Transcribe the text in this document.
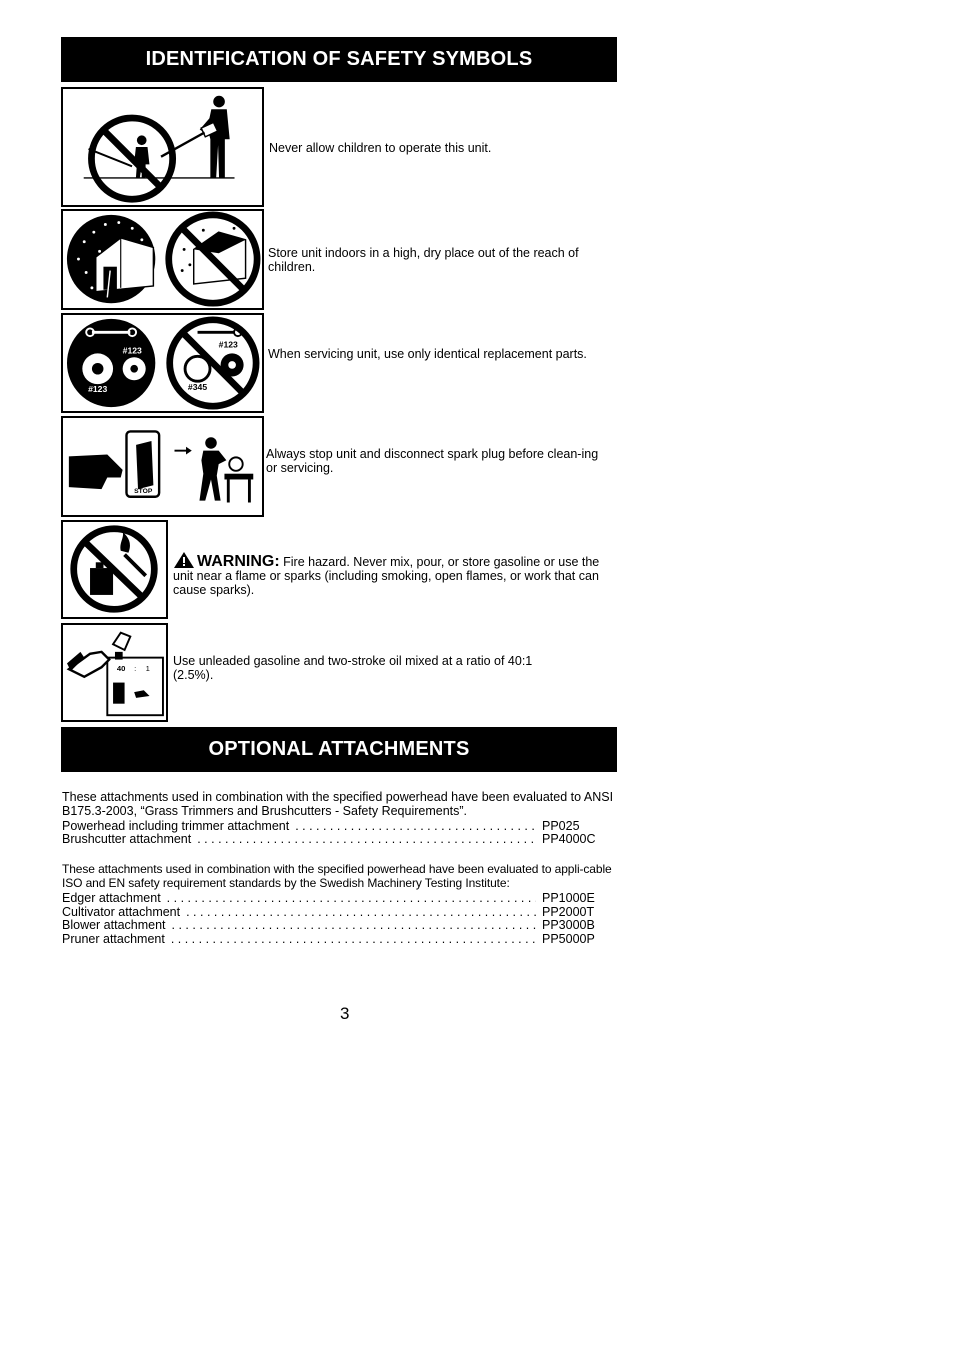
IDENTIFICATION OF SAFETY SYMBOLS
Never allow children to operate this unit.
Store unit indoors in a high, dry place out of the reach of children.
#123
#123
#123
#345
When servicing unit, use only identical replacement parts.
STOP
Always stop unit and disconnect spark plug before clean-ing or servicing.
WARNING: Fire hazard. Never mix, pour, or store gasoline or use the unit near a flame or sparks (including smoking, open flames, or work that can cause sparks).
40 : 1
Use unleaded gasoline and two-stroke oil mixed at a ratio of 40:1 (2.5%).
OPTIONAL ATTACHMENTS
These attachments used in combination with the specified powerhead have been evaluated to ANSI B175.3-2003, “Grass Trimmers and Brushcutters - Safety Requirements”.
Powerhead including trimmer attachment . . .	PP025
Brushcutter attachment . . .	PP4000C
These attachments used in combination with the specified powerhead have been evaluated to appli-cable ISO and EN safety requirement standards by the Swedish Machinery Testing Institute:
Edger attachment . . .	PP1000E
Cultivator attachment . . .	PP2000T
Blower attachment . . .	PP3000B
Pruner attachment . . .	PP5000P
3
